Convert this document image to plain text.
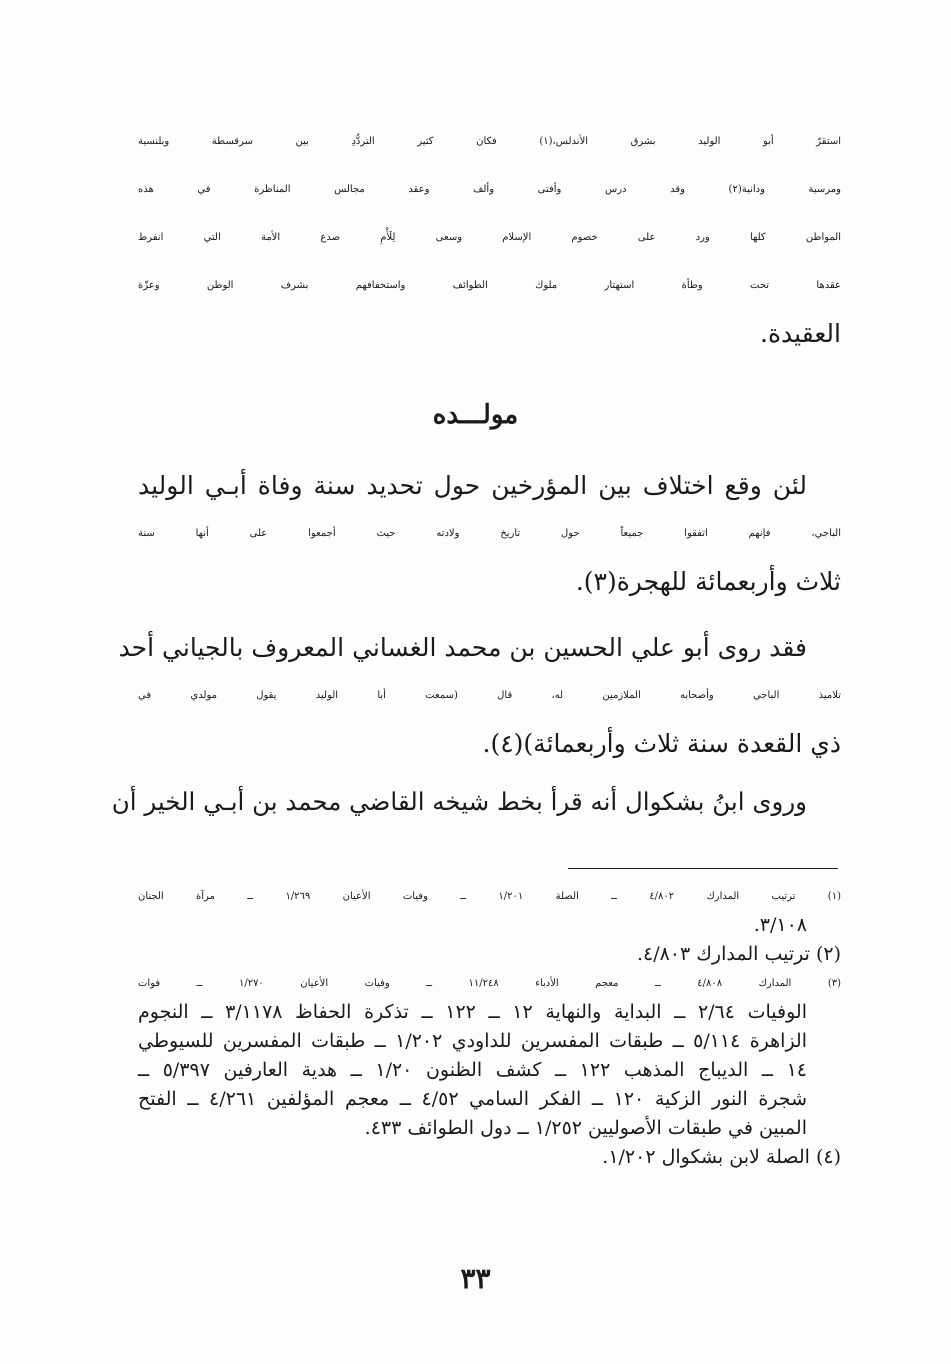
استقرّ أبو الوليد بشرق الأندلس،(١) فكان كثير التردُّدِ بين سرقسطة وبلنسية
ومرسية ودانية(٢) وقد درس وأفتى وألف وعقد مجالس المناظرة في هذه
المواطن كلها ورد على خصوم الإسلام وسعى لِلَأْمِ صدع الأمة التي انفرط
عقدها تحت وطأة استهتار ملوك الطوائف واستخفافهم بشرف الوطن وعزّة
العقيدة.
مولـــده
لئن وقع اختلاف بين المؤرخين حول تحديد سنة وفاة أبـي الوليد
الباجي، فإنهم اتفقوا جميعاً حول تاريخ ولادته حيث أجمعوا على أنها سنة
ثلاث وأربعمائة للهجرة(٣).
فقد روى أبو علي الحسين بن محمد الغساني المعروف بالجياني أحد
تلاميذ الباجي وأصحابه الملازمين له، قال (سمعت أبا الوليد يقول مولدي في
ذي القعدة سنة ثلاث وأربعمائة)(٤).
وروى ابنُ بشكوال أنه قرأ بخط شيخه القاضي محمد بن أبـي الخير أن
(١) ترتيب المدارك ٤/٨٠٢ ــ الصلة ١/٢٠١ ــ وفيات الأعيان ١/٢٦٩ ــ مرآة الجنان
٣/١٠٨.
(٢) ترتيب المدارك ٤/٨٠٣.
(٣) المدارك ٤/٨٠٨ ــ معجم الأدباء ١١/٢٤٨ ــ وفيات الأعيان ١/٢٧٠ ــ فوات
الوفيات ٢/٦٤ ــ البداية والنهاية ١٢ ــ ١٢٢ ــ تذكرة الحفاظ ٣/١١٧٨ ــ النجوم
الزاهرة ٥/١١٤ ــ طبقات المفسرين للداودي ١/٢٠٢ ــ طبقات المفسرين للسيوطي
١٤ ــ الديباج المذهب ١٢٢ ــ كشف الظنون ١/٢٠ ــ هدية العارفين ٥/٣٩٧ ــ
شجرة النور الزكية ١٢٠ ــ الفكر السامي ٤/٥٢ ــ معجم المؤلفين ٤/٢٦١ ــ الفتح
المبين في طبقات الأصوليين ١/٢٥٢ ــ دول الطوائف ٤٣٣.
(٤) الصلة لابن بشكوال ١/٢٠٢.
٣٣
